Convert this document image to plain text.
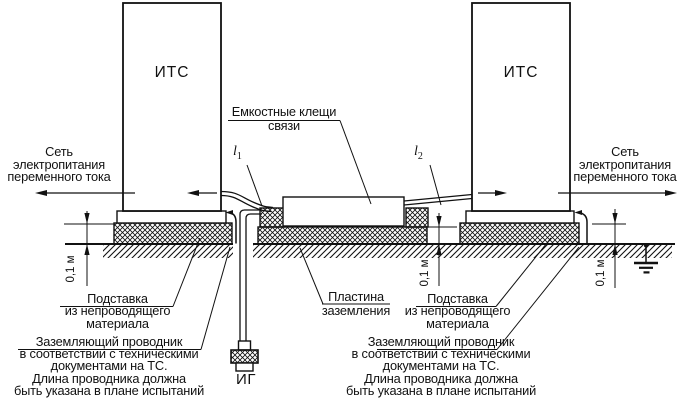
ИТС	ИТС
Сеть
электропитания
переменного тока
Сеть
электропитания
переменного тока
Емкостные клещи
связи
$l_1$	$l_2$
Пластина
заземления
Подставка
из непроводящего
материала
Подставка
из непроводящего
материала
Заземляющий проводник
в соответствии с техническими
документами на ТС.
Длина проводника должна
быть указана в плане испытаний
Заземляющий проводник
в соответствии с техническими
документами на ТС.
Длина проводника должна
быть указана в плане испытаний
ИГ
0,1 м	0,1 м	0,1 м
